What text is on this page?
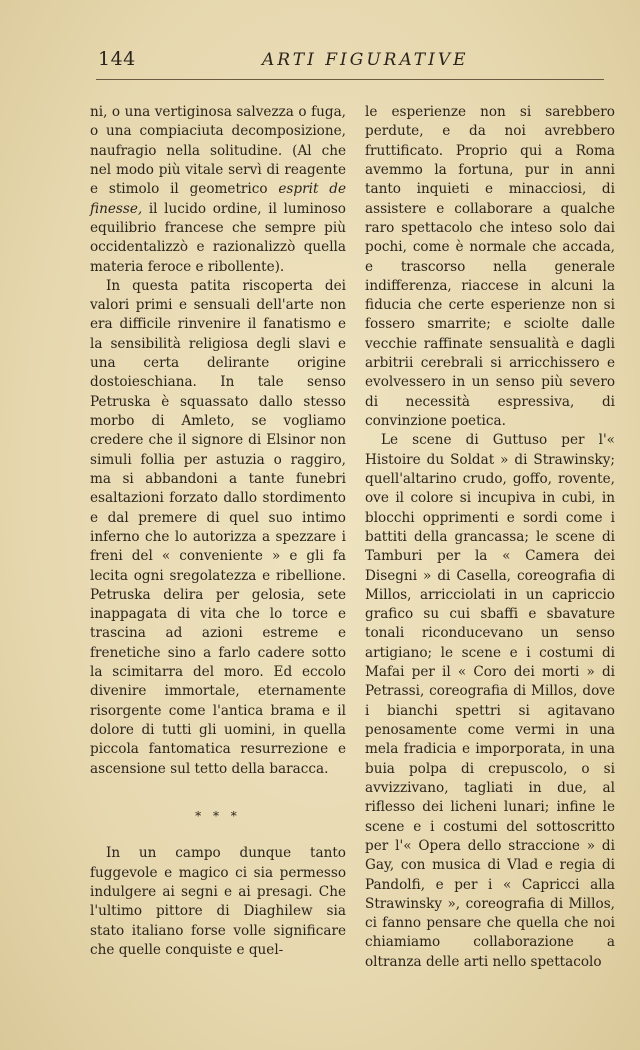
144	ARTI FIGURATIVE

ni, o una vertiginosa salvezza o fuga, o una compiaciuta decomposizione, naufragio nella solitudine. (Al che nel modo più vitale servì di reagente e stimolo il geometrico esprit de finesse, il lucido ordine, il luminoso equilibrio francese che sempre più occidentalizzò e razionalizzò quella materia feroce e ribollente).

In questa patita riscoperta dei valori primi e sensuali dell'arte non era difficile rinvenire il fanatismo e la sensibilità religiosa degli slavi e una certa delirante origine dostoieschiana. In tale senso Petruska è squassato dallo stesso morbo di Amleto, se vogliamo credere che il signore di Elsinor non simuli follia per astuzia o raggiro, ma si abbandoni a tante funebri esaltazioni forzato dallo stordimento e dal premere di quel suo intimo inferno che lo autorizza a spezzare i freni del « conveniente » e gli fa lecita ogni sregolatezza e ribellione. Petruska delira per gelosia, sete inappagata di vita che lo torce e trascina ad azioni estreme e frenetiche sino a farlo cadere sotto la scimitarra del moro. Ed eccolo divenire immortale, eternamente risorgente come l'antica brama e il dolore di tutti gli uomini, in quella piccola fantomatica resurrezione e ascensione sul tetto della baracca.

* * *

In un campo dunque tanto fuggevole e magico ci sia permesso indulgere ai segni e ai presagi. Che l'ultimo pittore di Diaghilew sia stato italiano forse volle significare che quelle conquiste e quel-

le esperienze non si sarebbero perdute, e da noi avrebbero fruttificato. Proprio qui a Roma avemmo la fortuna, pur in anni tanto inquieti e minacciosi, di assistere e collaborare a qualche raro spettacolo che inteso solo dai pochi, come è normale che accada, e trascorso nella generale indifferenza, riaccese in alcuni la fiducia che certe esperienze non si fossero smarrite; e sciolte dalle vecchie raffinate sensualità e dagli arbitrii cerebrali si arricchissero e evolvessero in un senso più severo di necessità espressiva, di convinzione poetica.

Le scene di Guttuso per l'« Histoire du Soldat » di Strawinsky; quell'altarino crudo, goffo, rovente, ove il colore si incupiva in cubi, in blocchi opprimenti e sordi come i battiti della grancassa; le scene di Tamburi per la « Camera dei Disegni » di Casella, coreografia di Millos, arricciolati in un capriccio grafico su cui sbaffi e sbavature tonali riconducevano un senso artigiano; le scene e i costumi di Mafai per il « Coro dei morti » di Petrassi, coreografia di Millos, dove i bianchi spettri si agitavano penosamente come vermi in una mela fradicia e imporporata, in una buia polpa di crepuscolo, o si avvizzivano, tagliati in due, al riflesso dei licheni lunari; infine le scene e i costumi del sottoscritto per l'« Opera dello straccione » di Gay, con musica di Vlad e regia di Pandolfi, e per i « Capricci alla Strawinsky », coreografia di Millos, ci fanno pensare che quella che noi chiamiamo collaborazione a oltranza delle arti nello spettacolo
